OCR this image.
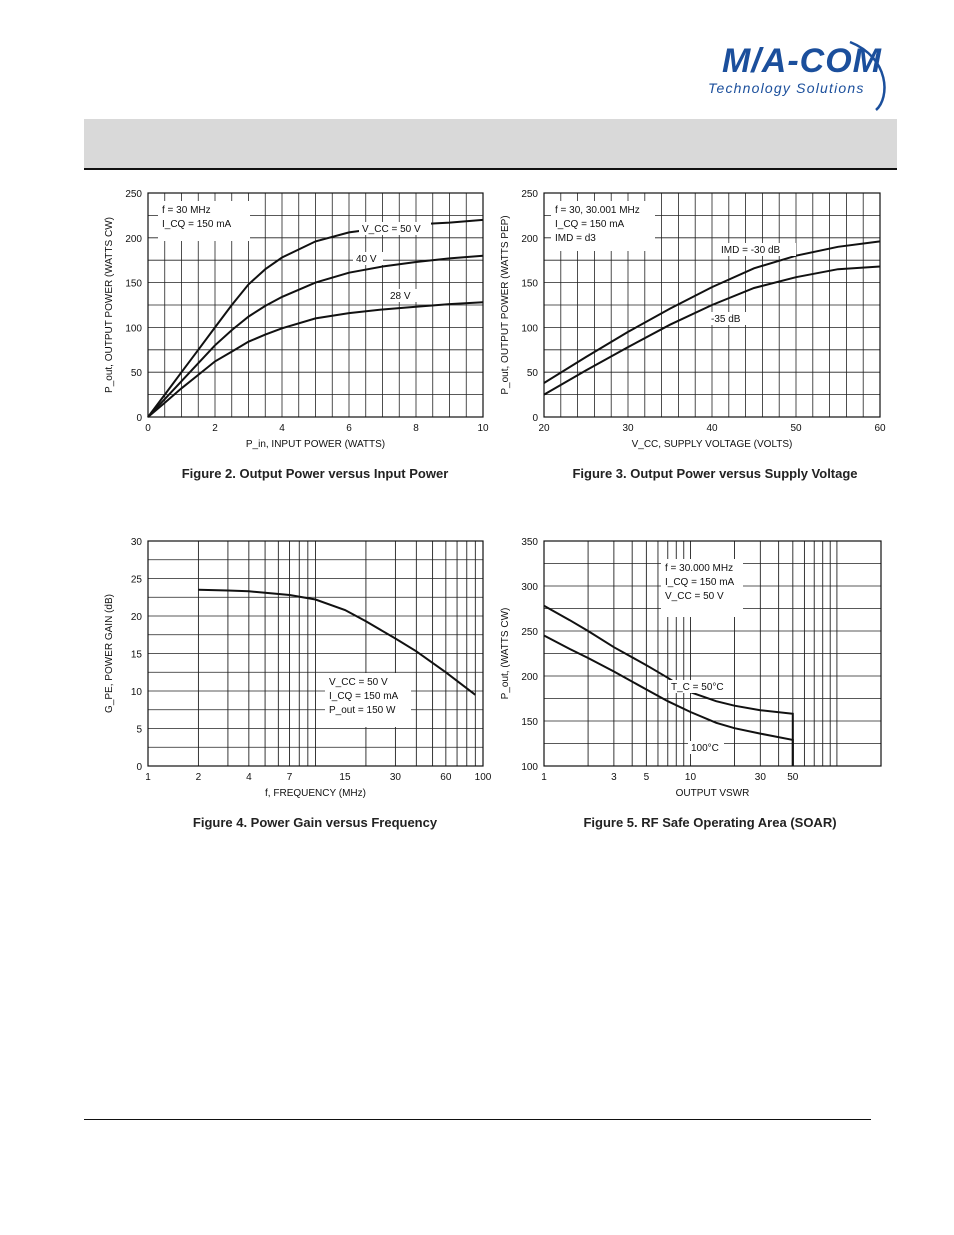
M/A-COM
Technology Solutions
0	2	4	6	8	10
0
50
100
150
200
250
P_in, INPUT POWER (WATTS)
P_out, OUTPUT POWER (WATTS CW)
f = 30 MHz
I_CQ = 150 mA	V_CC = 50 V
40 V
28 V
Figure 2. Output Power versus Input Power
20	30	40	50	60
0
50
100
150
200
250
V_CC, SUPPLY VOLTAGE (VOLTS)
P_out, OUTPUT POWER (WATTS PEP)
f = 30, 30.001 MHz
I_CQ = 150 mA
IMD = d3
IMD = -30 dB
-35 dB
Figure 3. Output Power versus Supply Voltage
1	2	4	7	15	30	60 100
0
5
10
15
20
25
30
f, FREQUENCY (MHz)
G_PE, POWER GAIN (dB)	V_CC = 50 V
I_CQ = 150 mA
P_out = 150 W
Figure 4. Power Gain versus Frequency
1	3	5	10	30 50
100
150
200
250
300
350
OUTPUT VSWR
P_out, (WATTS CW)
f = 30.000 MHz
I_CQ = 150 mA
V_CC = 50 V
T_C = 50°C
100°C
Figure 5. RF Safe Operating Area (SOAR)
